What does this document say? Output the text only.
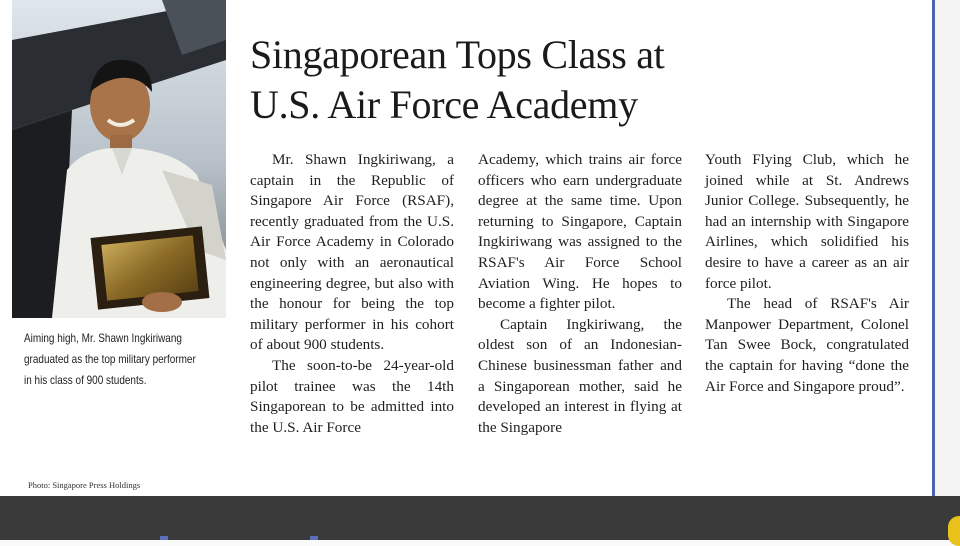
Aiming high, Mr. Shawn Ingkiriwang
graduated as the top military performer
in his class of 900 students.
Photo: Singapore Press Holdings
Singaporean Tops Class at
U.S. Air Force Academy

Mr. Shawn Ingkiriwang, a captain in the Republic of Singapore Air Force (RSAF), recently graduated from the U.S. Air Force Academy in Colorado not only with an aeronautical engineering degree, but also with the honour for being the top military performer in his cohort of about 900 students.

The soon-to-be 24-year-old pilot trainee was the 14th Singaporean to be admitted into the U.S. Air Force

Academy, which trains air force officers who earn undergraduate degree at the same time. Upon returning to Singapore, Captain Ingkiriwang was assigned to the RSAF's Air Force School Aviation Wing. He hopes to become a fighter pilot.

Captain Ingkiriwang, the oldest son of an Indonesian-Chinese businessman father and a Singaporean mother, said he developed an interest in flying at the Singapore

Youth Flying Club, which he joined while at St. Andrews Junior College. Subsequently, he had an internship with Singapore Airlines, which solidified his desire to have a career as an air force pilot.

The head of RSAF's Air Manpower Department, Colonel Tan Swee Bock, congratulated the captain for having “done the Air Force and Singapore proud”.
